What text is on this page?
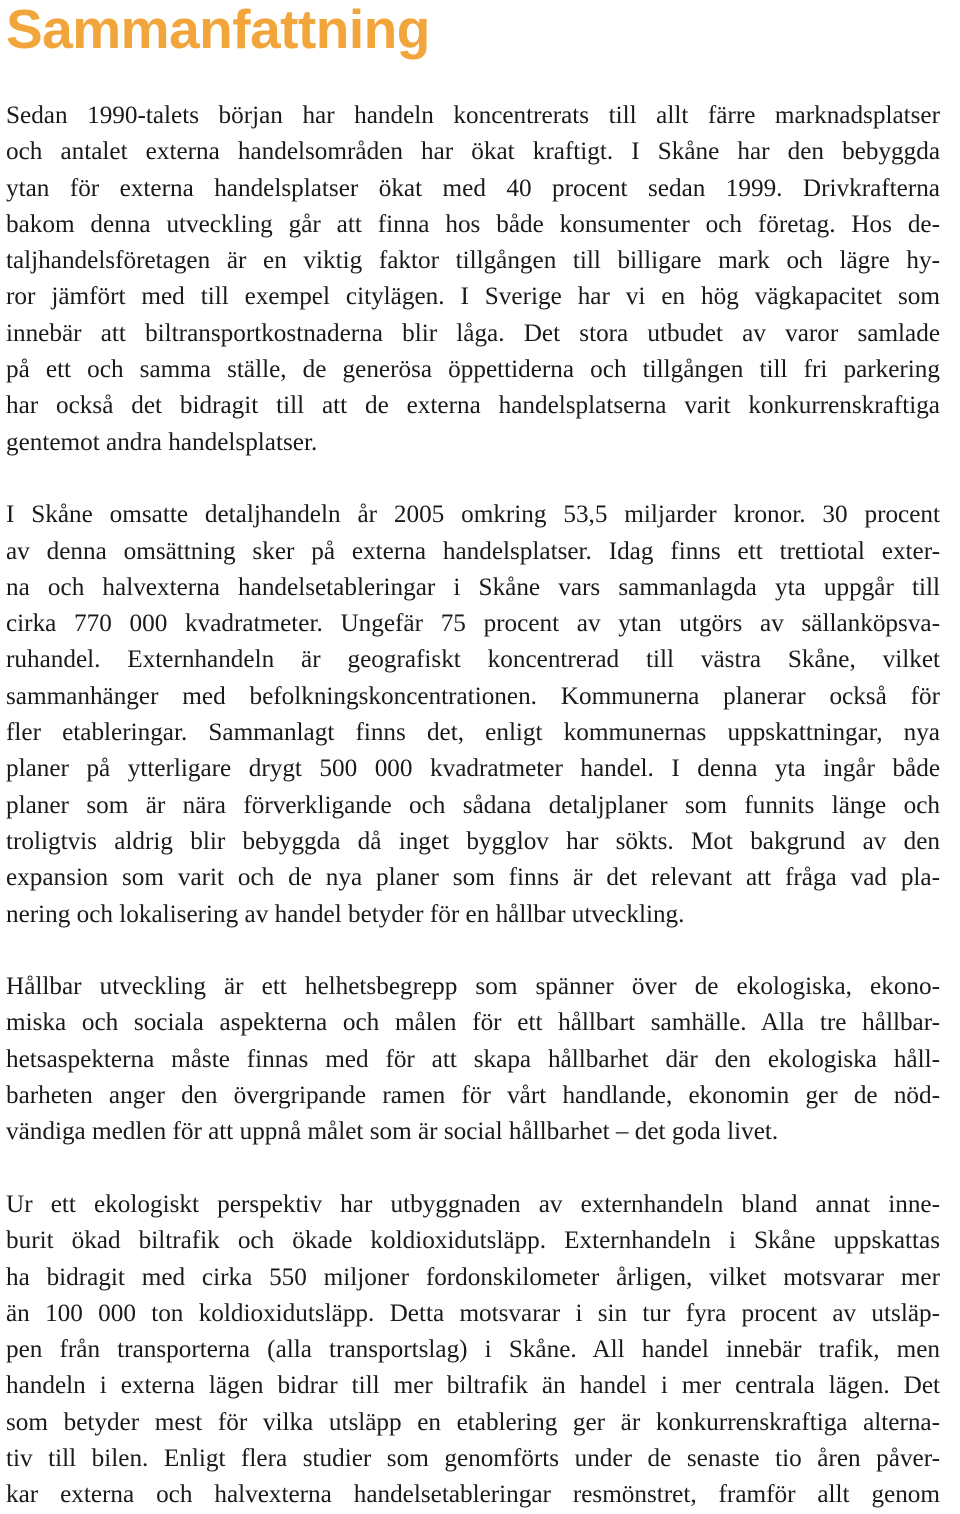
Sammanfattning
Sedan 1990-talets början har handeln koncentrerats till allt färre marknadsplatser
och antalet externa handelsområden har ökat kraftigt. I Skåne har den bebyggda
ytan för externa handelsplatser ökat med 40 procent sedan 1999. Drivkrafterna
bakom denna utveckling går att finna hos både konsumenter och företag. Hos de-
taljhandelsföretagen är en viktig faktor tillgången till billigare mark och lägre hy-
ror jämfört med till exempel citylägen. I Sverige har vi en hög vägkapacitet som
innebär att biltransportkostnaderna blir låga. Det stora utbudet av varor samlade
på ett och samma ställe, de generösa öppettiderna och tillgången till fri parkering
har också det bidragit till att de externa handelsplatserna varit konkurrenskraftiga
gentemot andra handelsplatser.
I Skåne omsatte detaljhandeln år 2005 omkring 53,5 miljarder kronor. 30 procent
av denna omsättning sker på externa handelsplatser. Idag finns ett trettiotal exter-
na och halvexterna handelsetableringar i Skåne vars sammanlagda yta uppgår till
cirka 770 000 kvadratmeter. Ungefär 75 procent av ytan utgörs av sällanköpsva-
ruhandel. Externhandeln är geografiskt koncentrerad till västra Skåne, vilket
sammanhänger med befolkningskoncentrationen. Kommunerna planerar också för
fler etableringar. Sammanlagt finns det, enligt kommunernas uppskattningar, nya
planer på ytterligare drygt 500 000 kvadratmeter handel. I denna yta ingår både
planer som är nära förverkligande och sådana detaljplaner som funnits länge och
troligtvis aldrig blir bebyggda då inget bygglov har sökts. Mot bakgrund av den
expansion som varit och de nya planer som finns är det relevant att fråga vad pla-
nering och lokalisering av handel betyder för en hållbar utveckling.
Hållbar utveckling är ett helhetsbegrepp som spänner över de ekologiska, ekono-
miska och sociala aspekterna och målen för ett hållbart samhälle. Alla tre hållbar-
hetsaspekterna måste finnas med för att skapa hållbarhet där den ekologiska håll-
barheten anger den övergripande ramen för vårt handlande, ekonomin ger de nöd-
vändiga medlen för att uppnå målet som är social hållbarhet – det goda livet.
Ur ett ekologiskt perspektiv har utbyggnaden av externhandeln bland annat inne-
burit ökad biltrafik och ökade koldioxidutsläpp. Externhandeln i Skåne uppskattas
ha bidragit med cirka 550 miljoner fordonskilometer årligen, vilket motsvarar mer
än 100 000 ton koldioxidutsläpp. Detta motsvarar i sin tur fyra procent av utsläp-
pen från transporterna (alla transportslag) i Skåne. All handel innebär trafik, men
handeln i externa lägen bidrar till mer biltrafik än handel i mer centrala lägen. Det
som betyder mest för vilka utsläpp en etablering ger är konkurrenskraftiga alterna-
tiv till bilen. Enligt flera studier som genomförts under de senaste tio åren påver-
kar externa och halvexterna handelsetableringar resmönstret, framför allt genom
